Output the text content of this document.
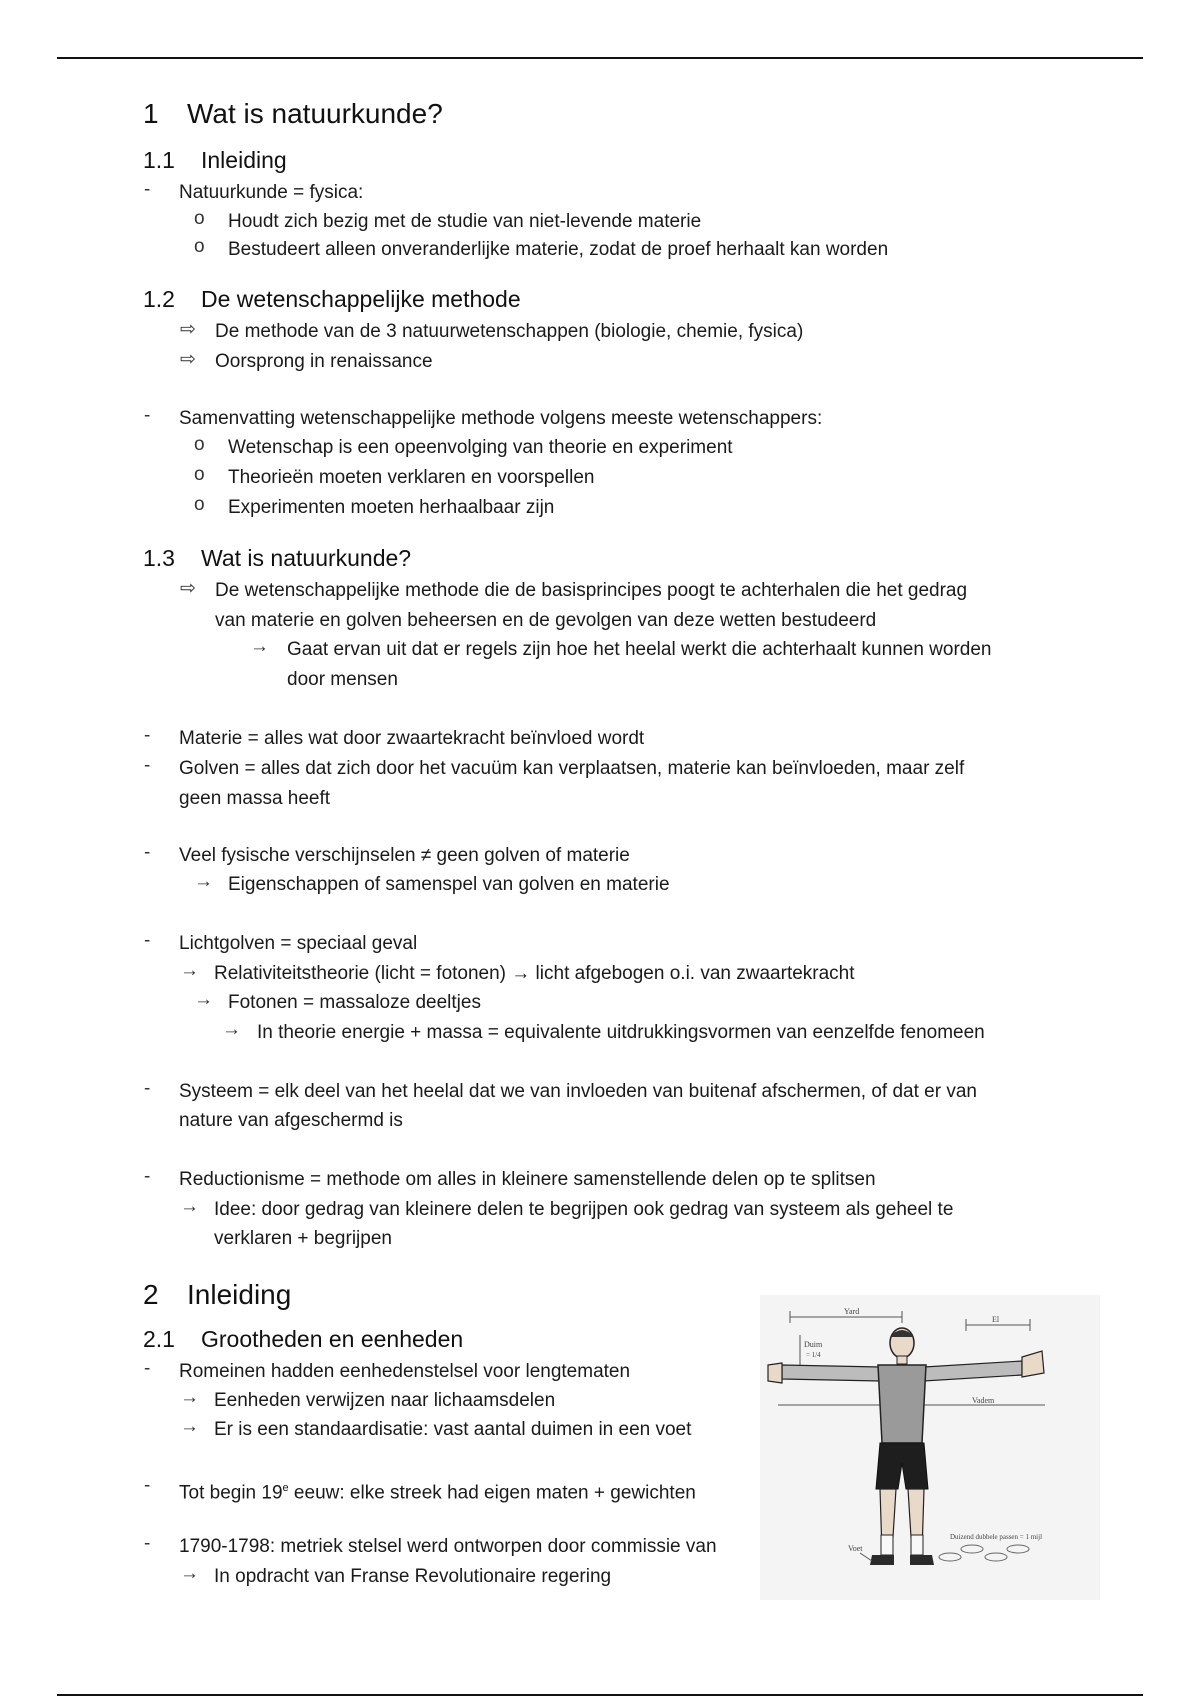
1 Wat is natuurkunde?
1.1 Inleiding
- Natuurkunde = fysica:
o Houdt zich bezig met de studie van niet-levende materie
o Bestudeert alleen onveranderlijke materie, zodat de proef herhaalt kan worden
1.2 De wetenschappelijke methode
⇨ De methode van de 3 natuurwetenschappen (biologie, chemie, fysica)
⇨ Oorsprong in renaissance
- Samenvatting wetenschappelijke methode volgens meeste wetenschappers:
o Wetenschap is een opeenvolging van theorie en experiment
o Theorieën moeten verklaren en voorspellen
o Experimenten moeten herhaalbaar zijn
1.3 Wat is natuurkunde?
⇨ De wetenschappelijke methode die de basisprincipes poogt te achterhalen die het gedrag
van materie en golven beheersen en de gevolgen van deze wetten bestudeerd
→ Gaat ervan uit dat er regels zijn hoe het heelal werkt die achterhaalt kunnen worden
door mensen
- Materie = alles wat door zwaartekracht beïnvloed wordt
- Golven = alles dat zich door het vacuüm kan verplaatsen, materie kan beïnvloeden, maar zelf
geen massa heeft
- Veel fysische verschijnselen ≠ geen golven of materie
→ Eigenschappen of samenspel van golven en materie
- Lichtgolven = speciaal geval
→ Relativiteitstheorie (licht = fotonen) → licht afgebogen o.i. van zwaartekracht
→ Fotonen = massaloze deeltjes
→ In theorie energie + massa = equivalente uitdrukkingsvormen van eenzelfde fenomeen
- Systeem = elk deel van het heelal dat we van invloeden van buitenaf afschermen, of dat er van
nature van afgeschermd is
- Reductionisme = methode om alles in kleinere samenstellende delen op te splitsen
→ Idee: door gedrag van kleinere delen te begrijpen ook gedrag van systeem als geheel te
verklaren + begrijpen
2 Inleiding
2.1 Grootheden en eenheden
- Romeinen hadden eenhedenstelsel voor lengtematen
→ Eenheden verwijzen naar lichaamsdelen
→ Er is een standaardisatie: vast aantal duimen in een voet
- Tot begin 19e eeuw: elke streek had eigen maten + gewichten
- 1790-1798: metriek stelsel werd ontworpen door commissie van
→ In opdracht van Franse Revolutionaire regering
Yard
Duim
= 1/4
El
Vadem
Voet
Duizend dubbele passen = 1 mijl
